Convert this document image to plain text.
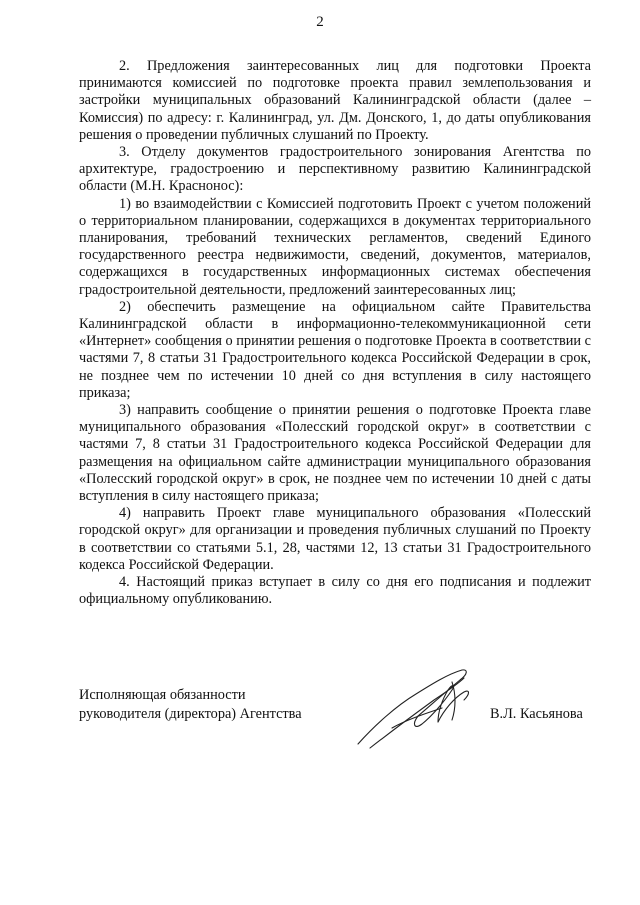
2

2. Предложения заинтересованных лиц для подготовки Проекта принимаются комиссией по подготовке проекта правил землепользования и застройки муниципальных образований Калининградской области (далее – Комиссия) по адресу: г. Калининград, ул. Дм. Донского, 1, до даты опубликования решения о проведении публичных слушаний по Проекту.

3. Отделу документов градостроительного зонирования Агентства по архитектуре, градостроению и перспективному развитию Калининградской области (М.Н. Краснонос):

1) во взаимодействии с Комиссией подготовить Проект с учетом положений о территориальном планировании, содержащихся в документах территориального планирования, требований технических регламентов, сведений Единого государственного реестра недвижимости, сведений, документов, материалов, содержащихся в государственных информационных системах обеспечения градостроительной деятельности, предложений заинтересованных лиц;

2) обеспечить размещение на официальном сайте Правительства Калининградской области в информационно-телекоммуникационной сети «Интернет» сообщения о принятии решения о подготовке Проекта в соответствии с частями 7, 8 статьи 31 Градостроительного кодекса Российской Федерации в срок, не позднее чем по истечении 10 дней со дня вступления в силу настоящего приказа;

3) направить сообщение о принятии решения о подготовке Проекта главе муниципального образования «Полесский городской округ» в соответствии с частями 7, 8 статьи 31 Градостроительного кодекса Российской Федерации для размещения на официальном сайте администрации муниципального образования «Полесский городской округ» в срок, не позднее чем по истечении 10 дней с даты вступления в силу настоящего приказа;

4) направить Проект главе муниципального образования «Полесский городской округ» для организации и проведения публичных слушаний по Проекту в соответствии со статьями 5.1, 28, частями 12, 13 статьи 31 Градостроительного кодекса Российской Федерации.

4. Настоящий приказ вступает в силу со дня его подписания и подлежит официальному опубликованию.

Исполняющая обязанности
руководителя (директора) Агентства	В.Л. Касьянова
